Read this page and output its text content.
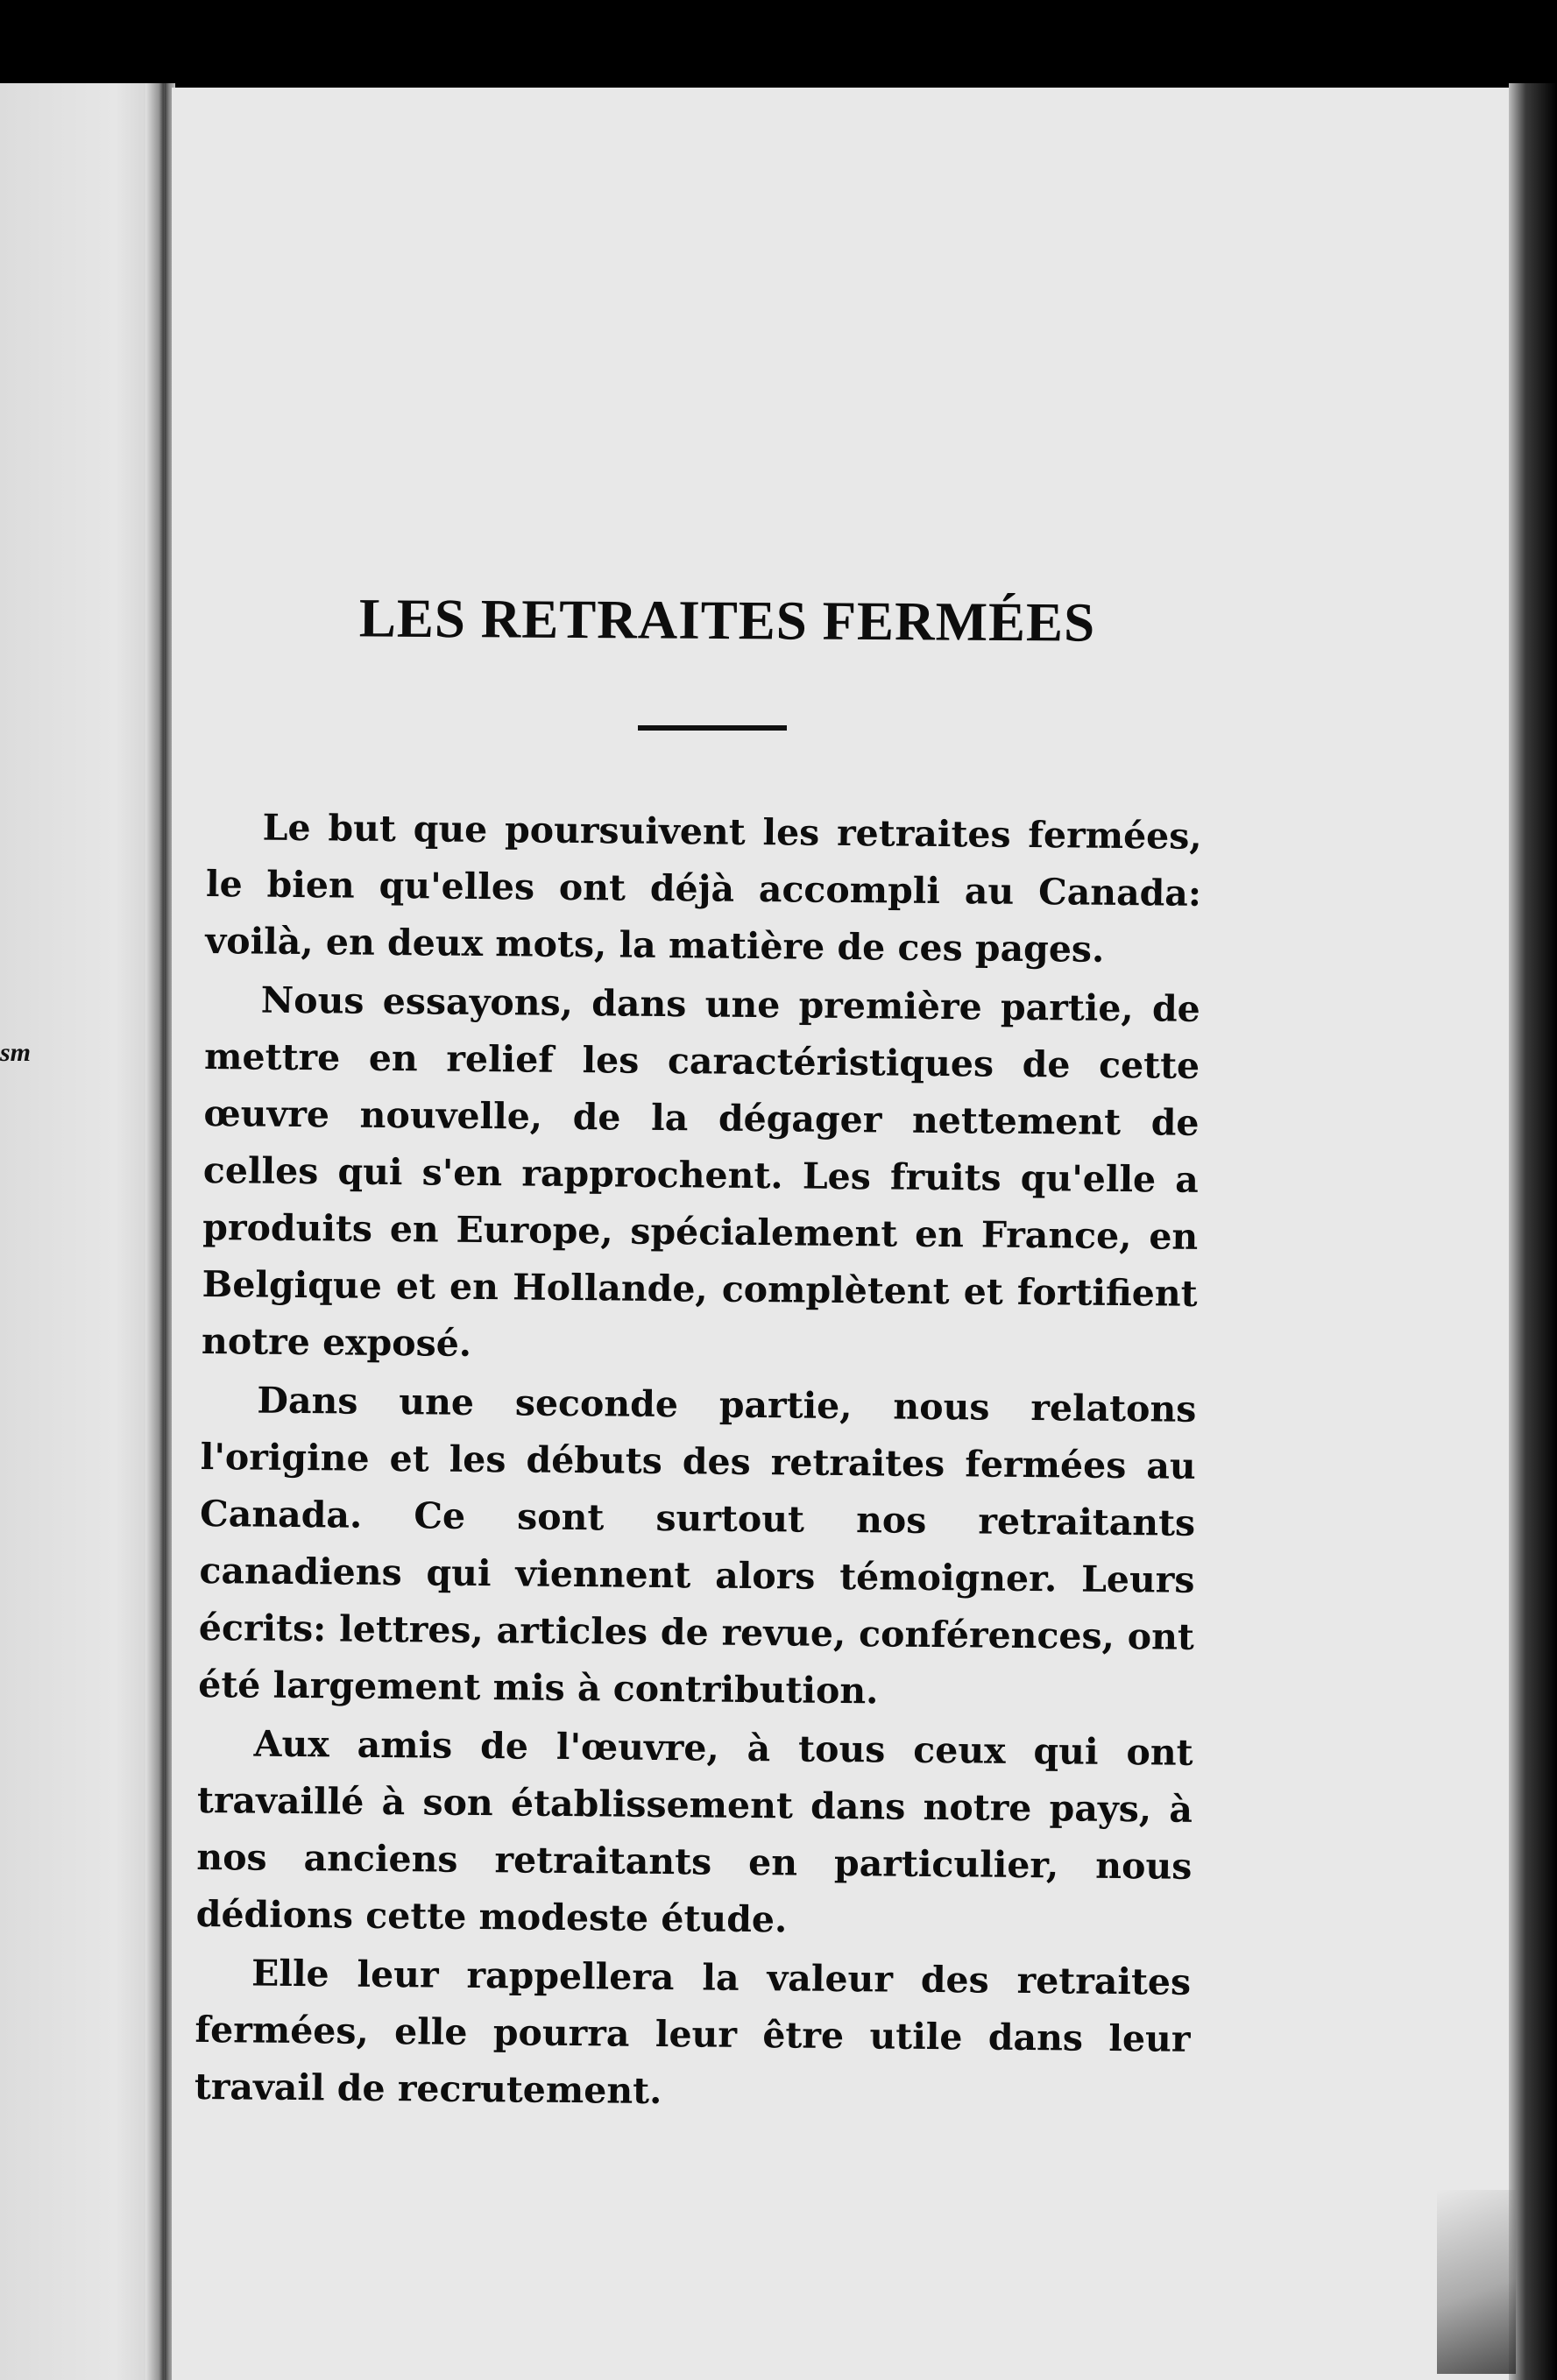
sm
LES RETRAITES FERMÉES

Le but que poursuivent les retraites fermées, le bien qu'elles ont déjà accompli au Canada: voilà, en deux mots, la matière de ces pages.

Nous essayons, dans une première partie, de mettre en relief les caractéristiques de cette œuvre nouvelle, de la dégager nettement de celles qui s'en rapprochent. Les fruits qu'elle a produits en Europe, spécialement en France, en Belgique et en Hollande, complètent et fortifient notre exposé.

Dans une seconde partie, nous relatons l'origine et les débuts des retraites fermées au Canada. Ce sont surtout nos retraitants canadiens qui viennent alors témoigner. Leurs écrits: lettres, articles de revue, conférences, ont été largement mis à contribution.

Aux amis de l'œuvre, à tous ceux qui ont travaillé à son établissement dans notre pays, à nos anciens retraitants en particulier, nous dédions cette modeste étude.

Elle leur rappellera la valeur des retraites fermées, elle pourra leur être utile dans leur travail de recrutement.
